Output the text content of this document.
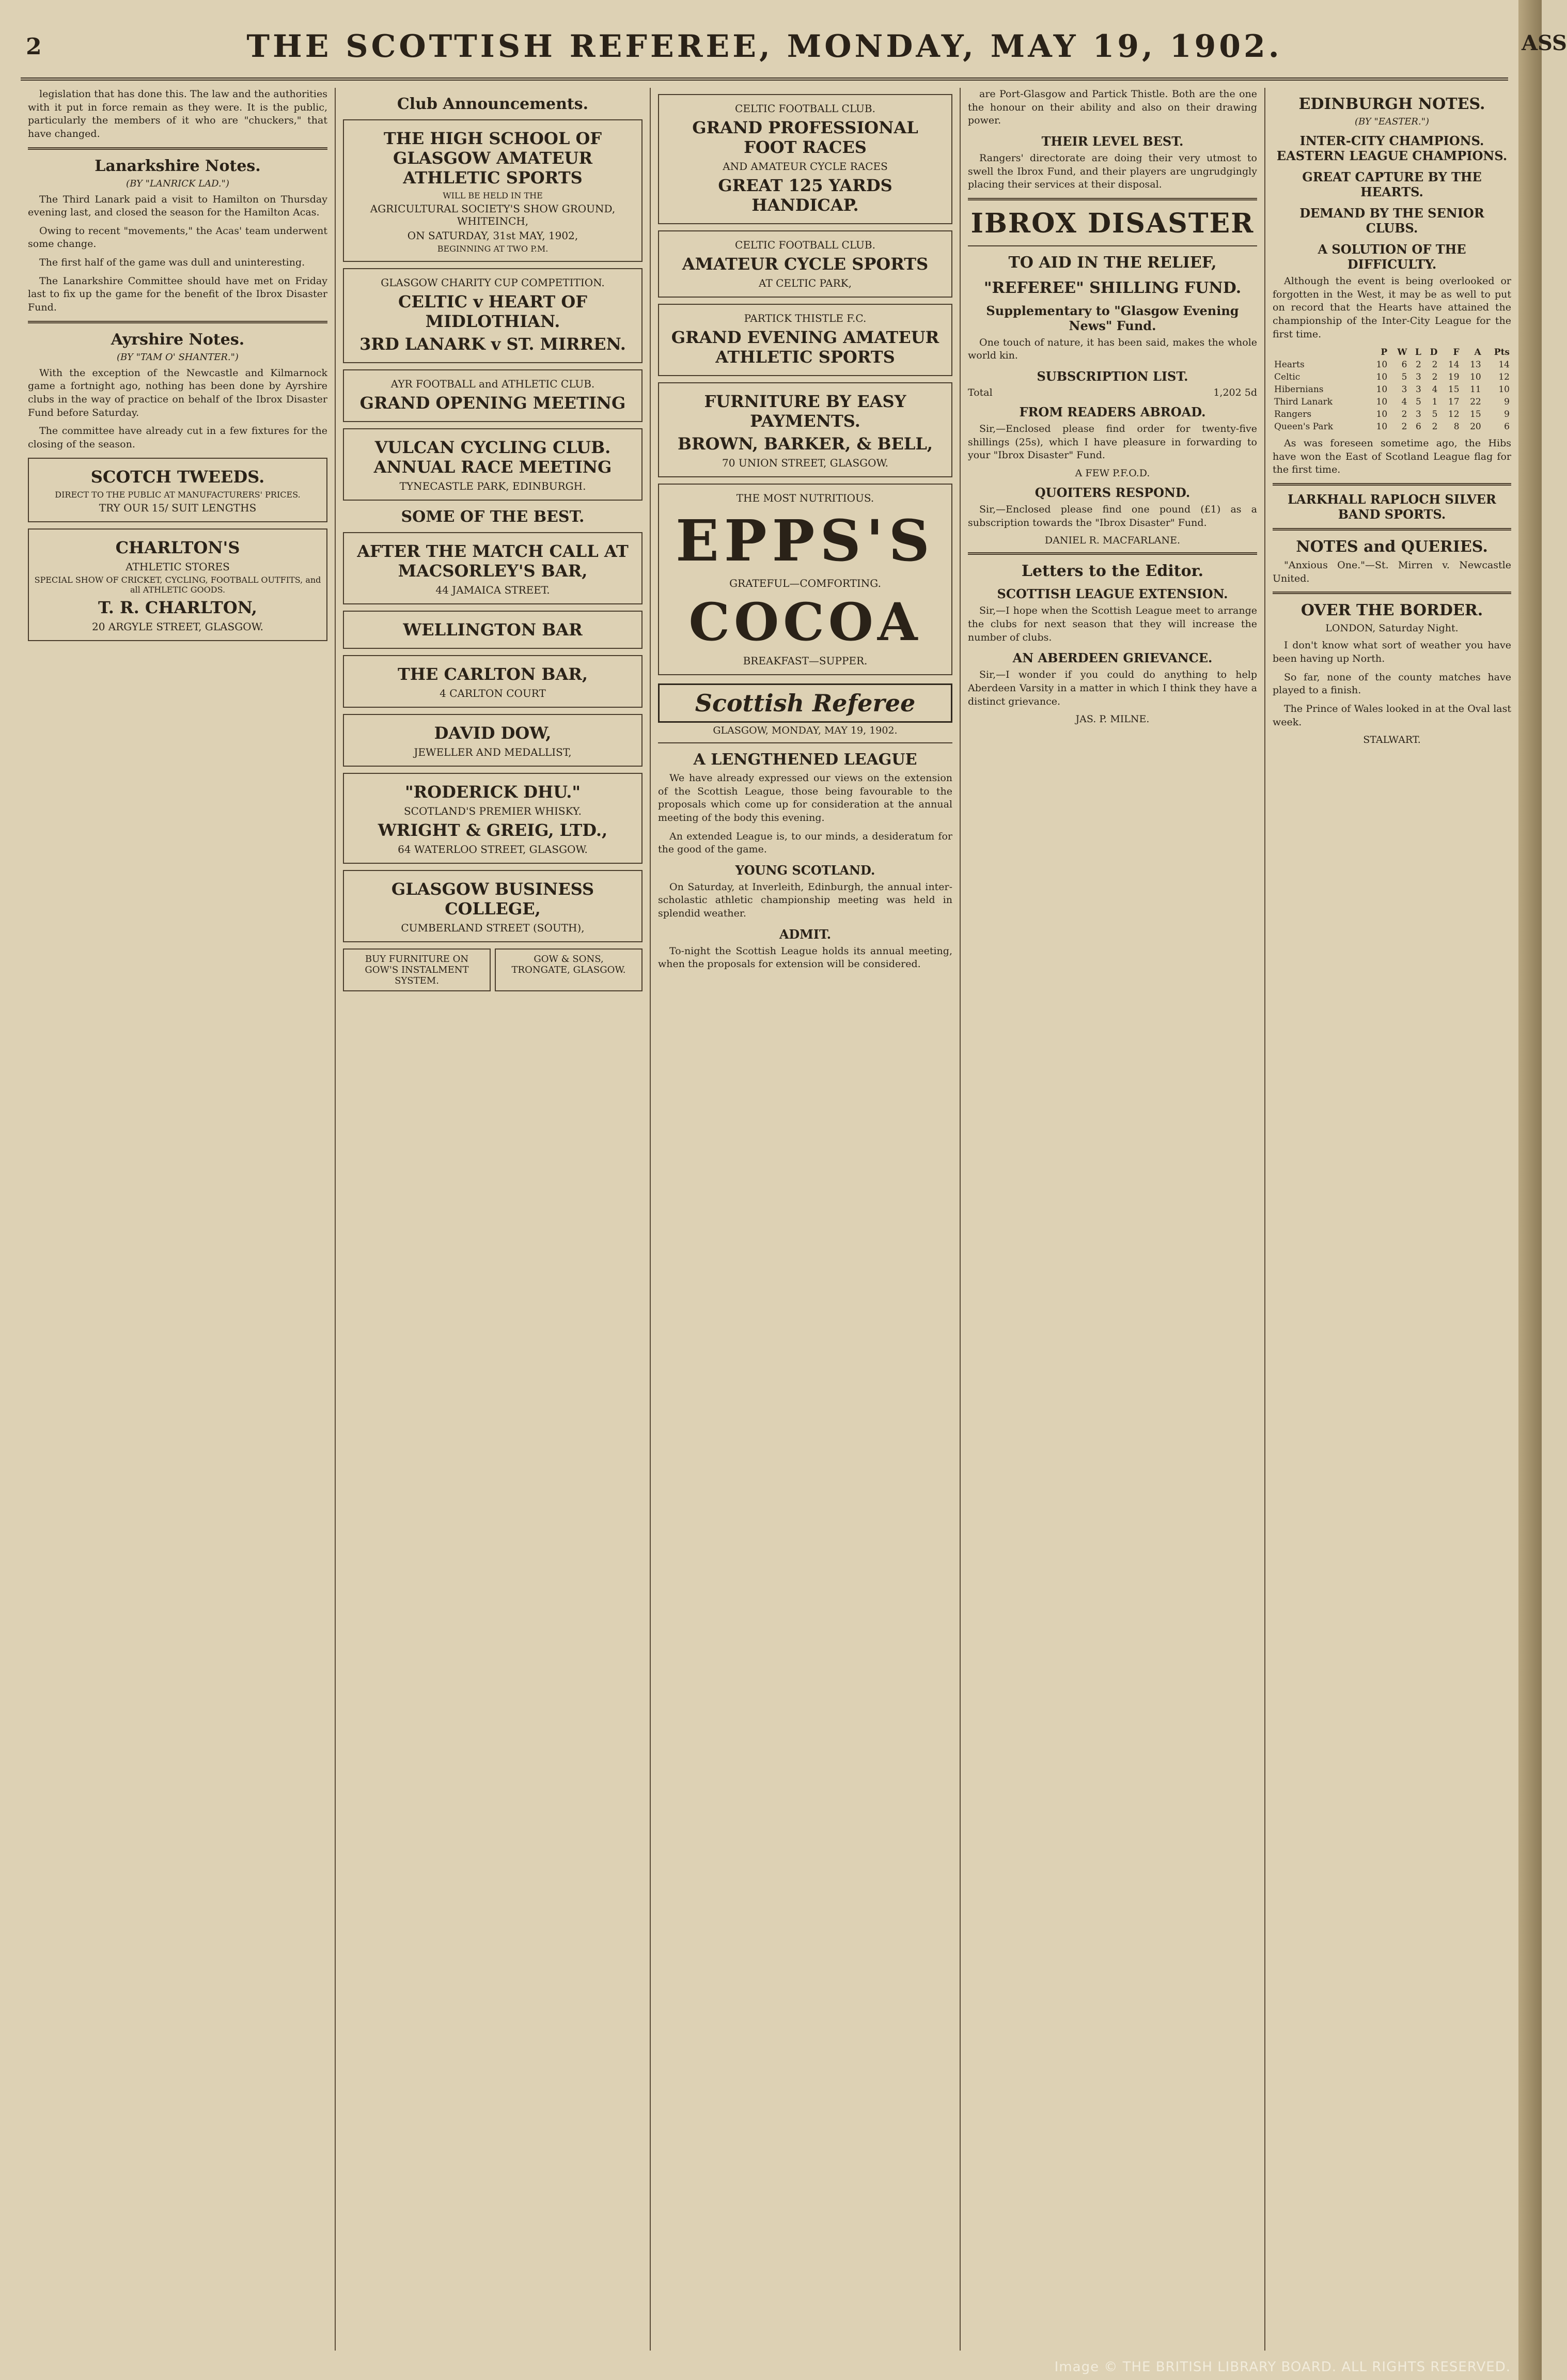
2	THE SCOTTISH REFEREE, MONDAY, MAY 19, 1902.

legislation that has done this. The law and the authorities with it put in force remain as they were. It is the public, particularly the members of it who are "chuckers," that have changed.

Lanarkshire Notes.
(BY "LANRICK LAD.")

The Third Lanark paid a visit to Hamilton on Thursday evening last, and closed the season for the Hamilton Acas.

Owing to recent "movements," the Acas' team underwent some change.

The first half of the game was dull and uninteresting.

The Lanarkshire Committee should have met on Friday last to fix up the game for the benefit of the Ibrox Disaster Fund.

Ayrshire Notes.
(BY "TAM O' SHANTER.")

With the exception of the Newcastle and Kilmarnock game a fortnight ago, nothing has been done by Ayrshire clubs in the way of practice on behalf of the Ibrox Disaster Fund before Saturday.

The committee have already cut in a few fixtures for the closing of the season.

SCOTCH TWEEDS.
DIRECT TO THE PUBLIC AT MANUFACTURERS' PRICES.
TRY OUR 15/ SUIT LENGTHS
CHARLTON'S
ATHLETIC STORES
SPECIAL SHOW OF CRICKET, CYCLING, FOOTBALL OUTFITS, and all ATHLETIC GOODS.
T. R. CHARLTON,
20 ARGYLE STREET, GLASGOW.
Club Announcements.
THE HIGH SCHOOL OF GLASGOW AMATEUR ATHLETIC SPORTS
WILL BE HELD IN THE
AGRICULTURAL SOCIETY'S SHOW GROUND, WHITEINCH,
ON SATURDAY, 31st MAY, 1902,
BEGINNING AT TWO P.M.
GLASGOW CHARITY CUP COMPETITION.
CELTIC v HEART OF MIDLOTHIAN.
3RD LANARK v ST. MIRREN.
AYR FOOTBALL and ATHLETIC CLUB.
GRAND OPENING MEETING
VULCAN CYCLING CLUB. ANNUAL RACE MEETING
TYNECASTLE PARK, EDINBURGH.
SOME OF THE BEST.
AFTER THE MATCH CALL AT MACSORLEY'S BAR,
44 JAMAICA STREET.
WELLINGTON BAR
THE CARLTON BAR,
4 CARLTON COURT
DAVID DOW,
JEWELLER AND MEDALLIST,
"RODERICK DHU."
SCOTLAND'S PREMIER WHISKY.
WRIGHT & GREIG, LTD.,
64 WATERLOO STREET, GLASGOW.
GLASGOW BUSINESS COLLEGE,
CUMBERLAND STREET (SOUTH),
BUY FURNITURE ON GOW'S INSTALMENT SYSTEM.
GOW & SONS,
TRONGATE, GLASGOW.
CELTIC FOOTBALL CLUB.
GRAND PROFESSIONAL FOOT RACES
AND AMATEUR CYCLE RACES
GREAT 125 YARDS HANDICAP.
CELTIC FOOTBALL CLUB.
AMATEUR CYCLE SPORTS
AT CELTIC PARK,
PARTICK THISTLE F.C.
GRAND EVENING AMATEUR ATHLETIC SPORTS
FURNITURE BY EASY PAYMENTS.
BROWN, BARKER, & BELL,
70 UNION STREET, GLASGOW.
THE MOST NUTRITIOUS.
EPPS'S
GRATEFUL—COMFORTING.
COCOA
BREAKFAST—SUPPER.
Scottish Referee
GLASGOW, MONDAY, MAY 19, 1902.
A LENGTHENED LEAGUE

We have already expressed our views on the extension of the Scottish League, those being favourable to the proposals which come up for consideration at the annual meeting of the body this evening.

An extended League is, to our minds, a desideratum for the good of the game.

YOUNG SCOTLAND.

On Saturday, at Inverleith, Edinburgh, the annual inter-scholastic athletic championship meeting was held in splendid weather.

ADMIT.

To-night the Scottish League holds its annual meeting, when the proposals for extension will be considered.

are Port-Glasgow and Partick Thistle. Both are the one the honour on their ability and also on their drawing power.

THEIR LEVEL BEST.

Rangers' directorate are doing their very utmost to swell the Ibrox Fund, and their players are ungrudgingly placing their services at their disposal.

IBROX DISASTER
TO AID IN THE RELIEF,
"REFEREE" SHILLING FUND.
Supplementary to "Glasgow Evening News" Fund.

One touch of nature, it has been said, makes the whole world kin.

SUBSCRIPTION LIST.
Total	1,202 5d
FROM READERS ABROAD.

Sir,—Enclosed please find order for twenty-five shillings (25s), which I have pleasure in forwarding to your "Ibrox Disaster" Fund.

A FEW P.F.O.D.
QUOITERS RESPOND.

Sir,—Enclosed please find one pound (£1) as a subscription towards the "Ibrox Disaster" Fund.

DANIEL R. MACFARLANE.
Letters to the Editor.
SCOTTISH LEAGUE EXTENSION.

Sir,—I hope when the Scottish League meet to arrange the clubs for next season that they will increase the number of clubs.

AN ABERDEEN GRIEVANCE.

Sir,—I wonder if you could do anything to help Aberdeen Varsity in a matter in which I think they have a distinct grievance.

JAS. P. MILNE.
EDINBURGH NOTES.
(BY "EASTER.")
INTER-CITY CHAMPIONS. EASTERN LEAGUE CHAMPIONS.
GREAT CAPTURE BY THE HEARTS.
DEMAND BY THE SENIOR CLUBS.
A SOLUTION OF THE DIFFICULTY.

Although the event is being overlooked or forgotten in the West, it may be as well to put on record that the Hearts have attained the championship of the Inter-City League for the first time.

	P	W	L	D	F	A	Pts
Hearts	10	6	2	2	14	13	14
Celtic	10	5	3	2	19	10	12
Hibernians	10	3	3	4	15	11	10
Third Lanark	10	4	5	1	17	22	9
Rangers	10	2	3	5	12	15	9
Queen's Park	10	2	6	2	8	20	6

As was foreseen sometime ago, the Hibs have won the East of Scotland League flag for the first time.

LARKHALL RAPLOCH SILVER BAND SPORTS.
NOTES and QUERIES.

"Anxious One."—St. Mirren v. Newcastle United.

OVER THE BORDER.
LONDON, Saturday Night.

I don't know what sort of weather you have been having up North.

So far, none of the county matches have played to a finish.

The Prince of Wales looked in at the Oval last week.

STALWART.
ASS
Image © THE BRITISH LIBRARY BOARD. ALL RIGHTS RESERVED.
